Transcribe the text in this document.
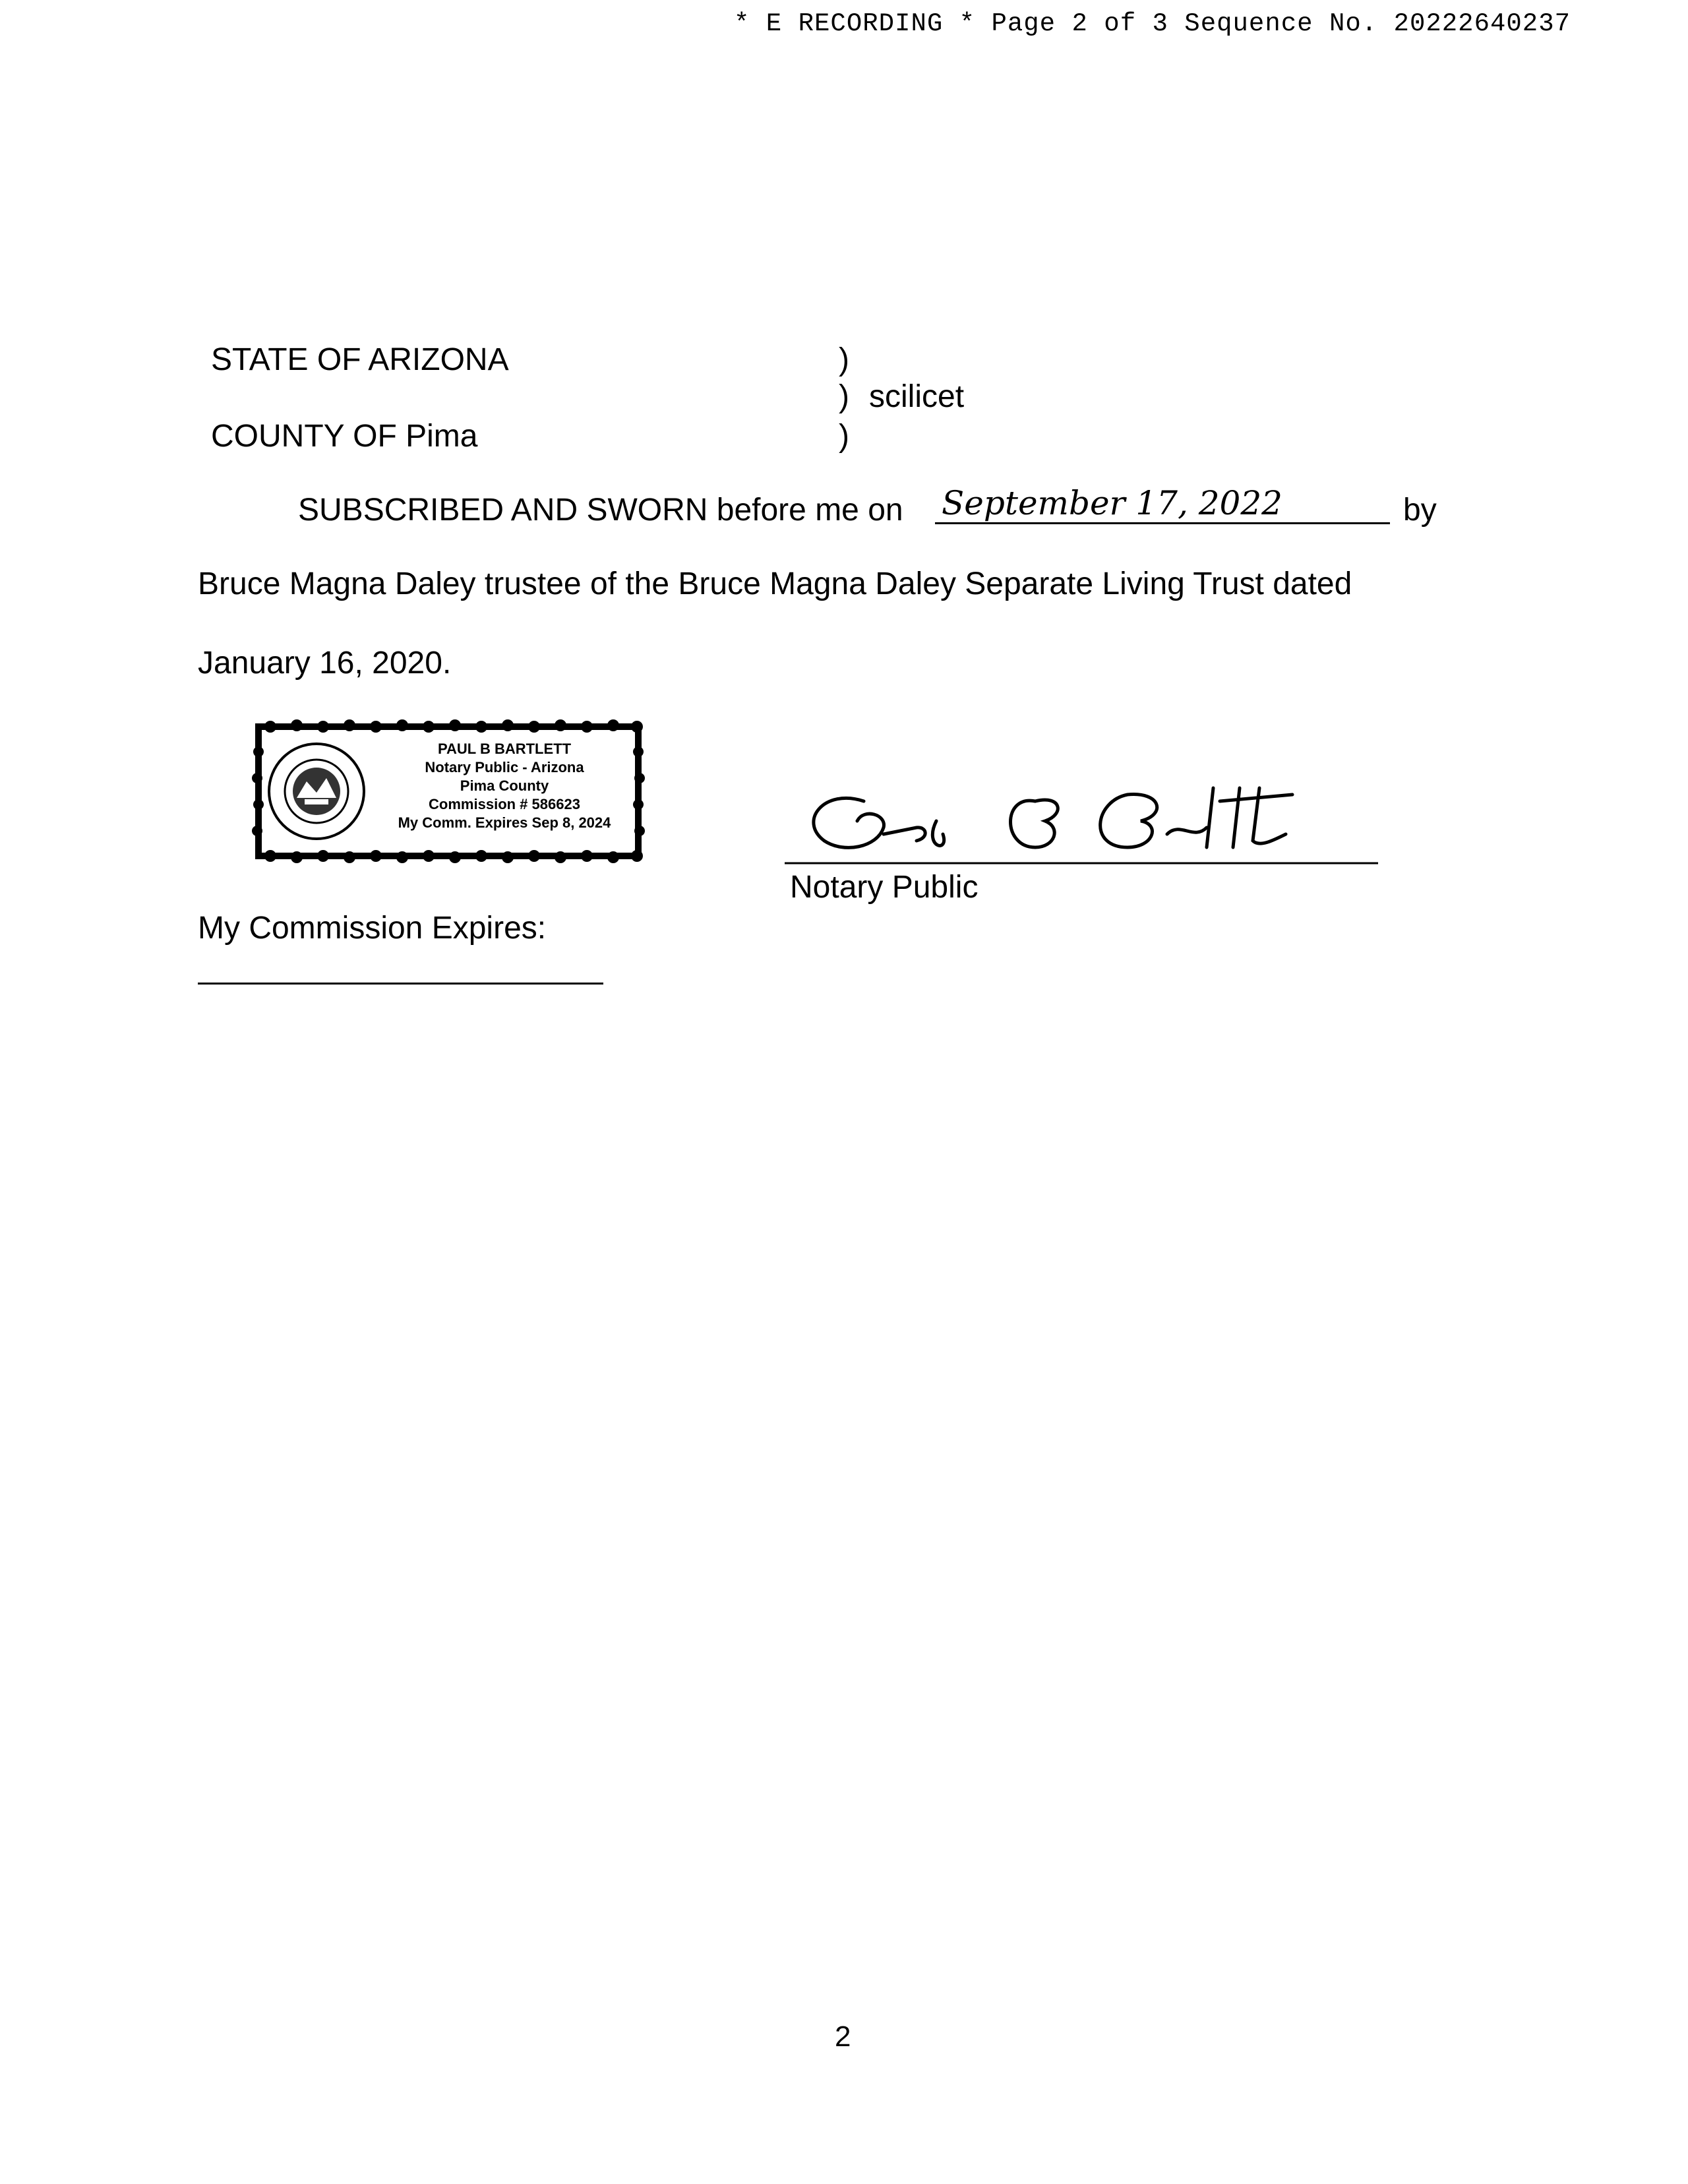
* E RECORDING * Page 2 of 3 Sequence No. 20222640237
STATE OF ARIZONA
COUNTY OF Pima
)
)
)
scilicet
SUBSCRIBED AND SWORN before me on September 17, 2022	by
Bruce Magna Daley trustee of the Bruce Magna Daley Separate Living Trust dated
January 16, 2020.
PAUL B BARTLETT
Notary Public - Arizona
Pima County
Commission # 586623
My Comm. Expires Sep 8, 2024
Notary Public
My Commission Expires:
2
